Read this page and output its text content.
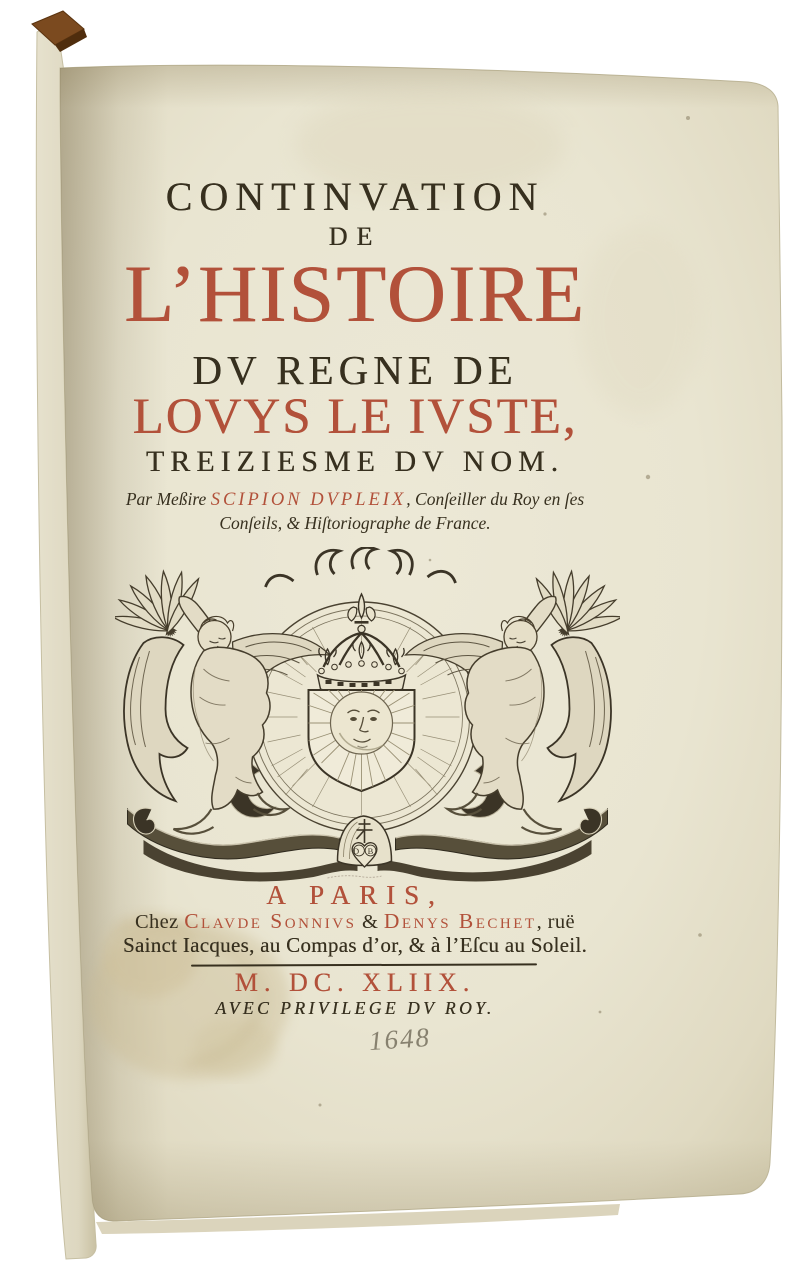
D B
CONTINVATION
DE
L’HISTOIRE
DV REGNE DE
LOVYS LE IVSTE,
TREIZIESME DV NOM.
Par Meßire SCIPION DVPLEIX, Conſeiller du Roy en ſes Conſeils, & Hiſtoriographe de France.
A PARIS,
Chez Clavde Sonnivs & Denys Bechet, ruë
Sainct Iacques, au Compas d’or, & à l’Eſcu au Soleil.
M. DC. XLIIX.
AVEC PRIVILEGE DV ROY.
1648
